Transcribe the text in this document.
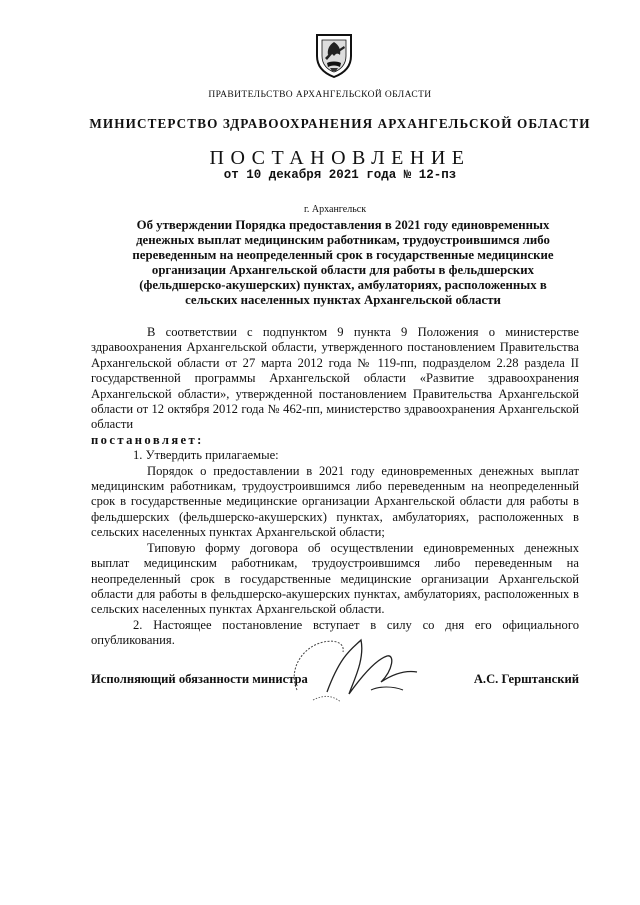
ПРАВИТЕЛЬСТВО АРХАНГЕЛЬСКОЙ ОБЛАСТИ
МИНИСТЕРСТВО ЗДРАВООХРАНЕНИЯ АРХАНГЕЛЬСКОЙ ОБЛАСТИ
ПОСТАНОВЛЕНИЕ
от 10 декабря 2021 года № 12-пз
г. Архангельск
Об утверждении Порядка предоставления в 2021 году единовременных денежных выплат медицинским работникам, трудоустроившимся либо переведенным на неопределенный срок в государственные медицинские организации Архангельской области для работы в фельдшерских (фельдшерско-акушерских) пунктах, амбулаториях, расположенных в сельских населенных пунктах Архангельской области

В соответствии с подпунктом 9 пункта 9 Положения о министерстве здравоохранения Архангельской области, утвержденного постановлением Правительства Архангельской области от 27 марта 2012 года № 119-пп, подразделом 2.28 раздела II государственной программы Архангельской области «Развитие здравоохранения Архангельской области», утвержденной постановлением Правительства Архангельской области от 12 октября 2012 года № 462-пп, министерство здравоохранения Архангельской области

постановляет:

1. Утвердить прилагаемые:

Порядок о предоставлении в 2021 году единовременных денежных выплат медицинским работникам, трудоустроившимся либо переведенным на неопределенный срок в государственные медицинские организации Архангельской области для работы в фельдшерских (фельдшерско-акушерских) пунктах, амбулаториях, расположенных в сельских населенных пунктах Архангельской области;

Типовую форму договора об осуществлении единовременных денежных выплат медицинским работникам, трудоустроившимся либо переведенным на неопределенный срок в государственные медицинские организации Архангельской области для работы в фельдшерско-акушерских пунктах, амбулаториях, расположенных в сельских населенных пунктах Архангельской области.

2. Настоящее постановление вступает в силу со дня его официального опубликования.

Исполняющий обязанности министра	А.С. Герштанский
